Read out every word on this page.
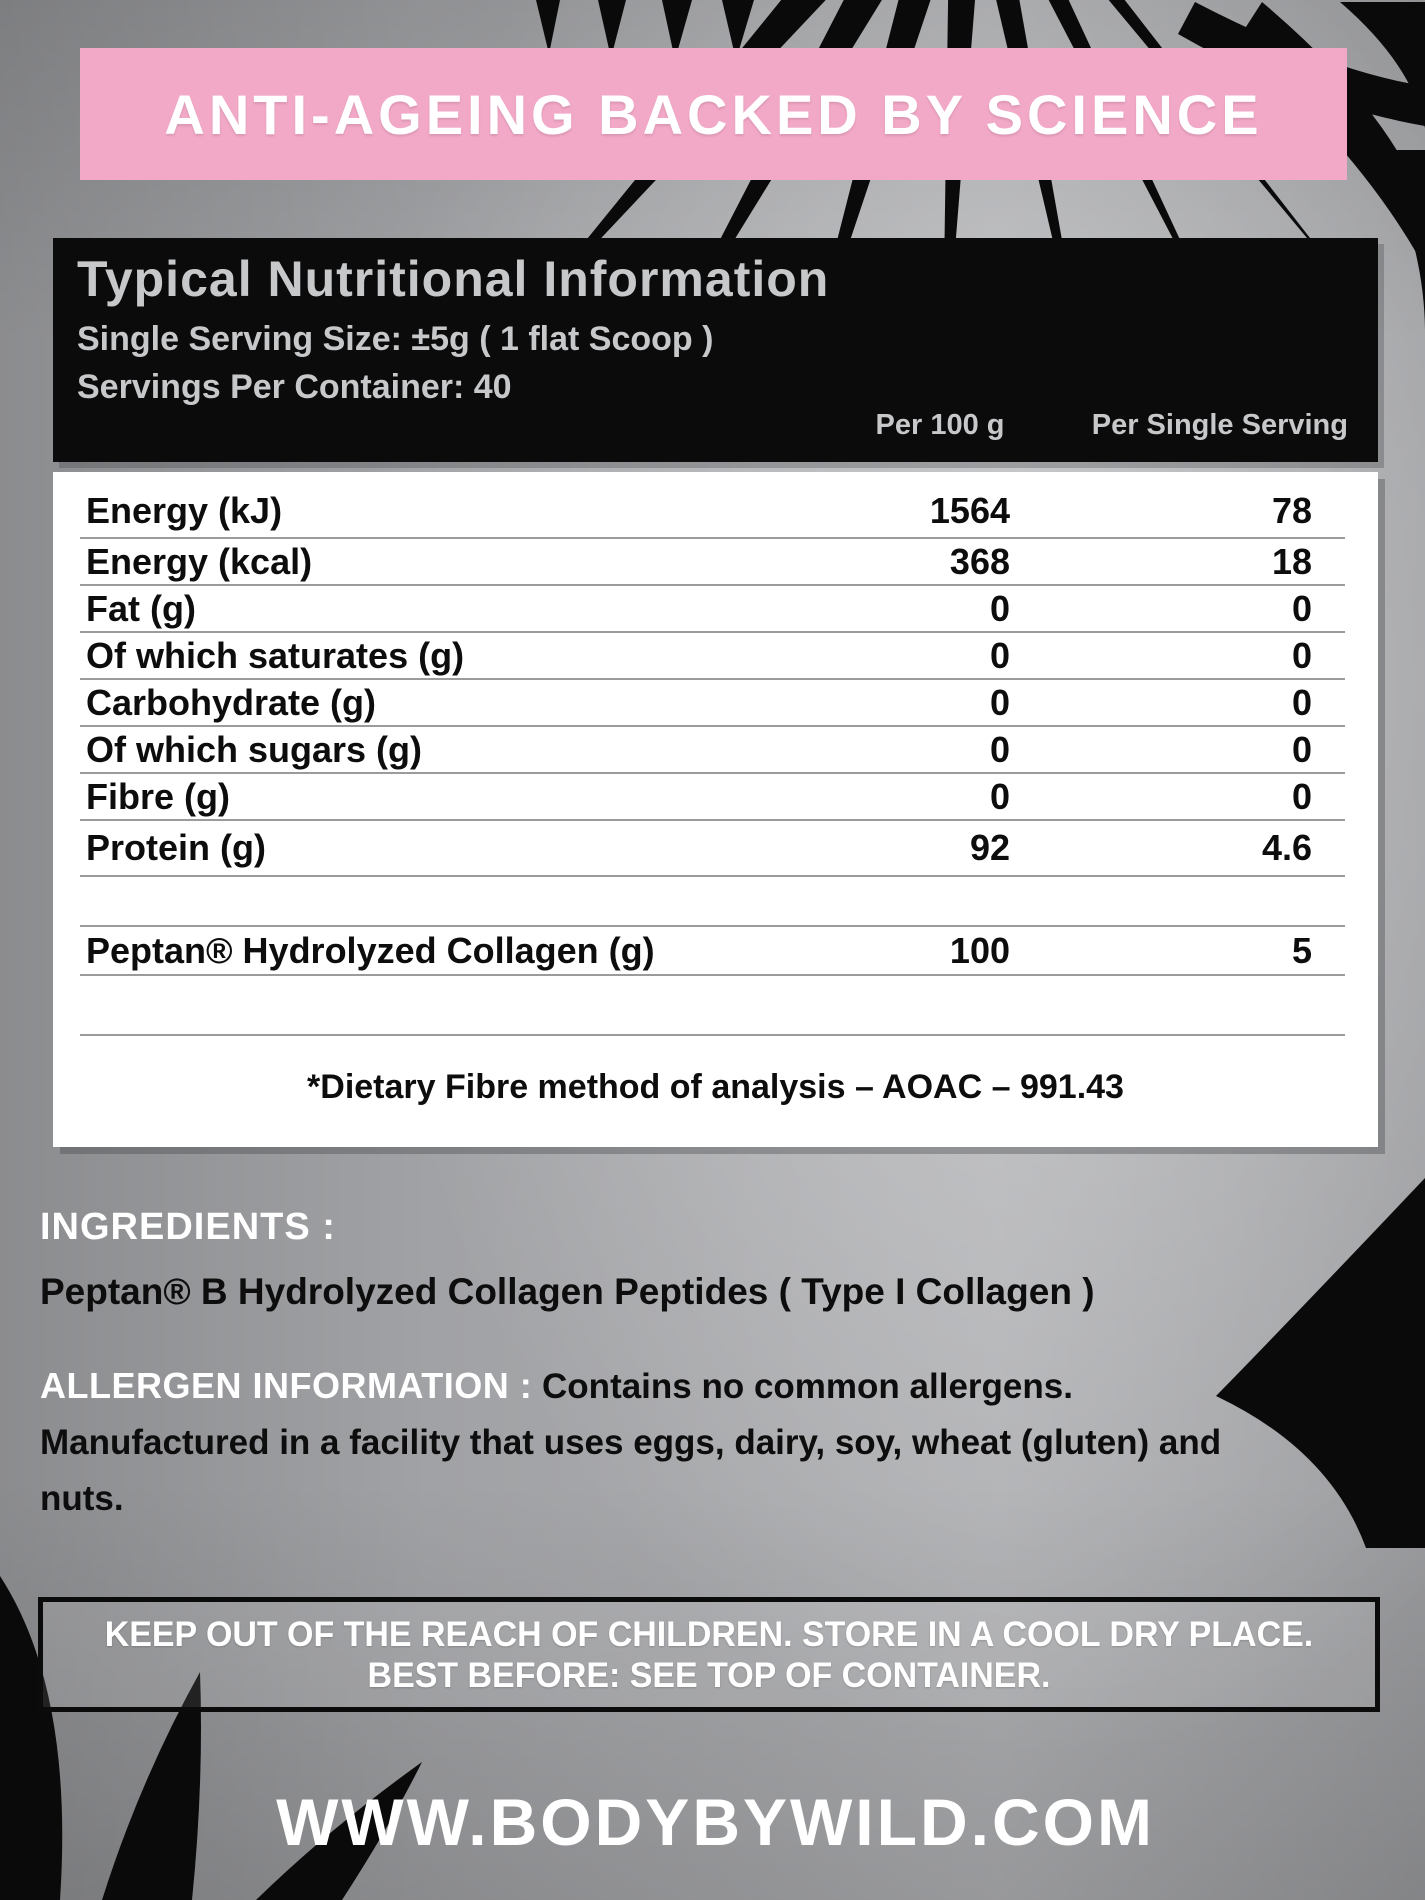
ANTI-AGEING BACKED BY SCIENCE
Typical Nutritional Information
Single Serving Size: ±5g ( 1 flat Scoop )
Servings Per Container: 40
Per 100 g	Per Single Serving
Energy (kJ)	1564	78
Energy (kcal)	368	18
Fat (g)	0	0
Of which saturates (g)	0	0
Carbohydrate (g)	0	0
Of which sugars (g)	0	0
Fibre (g)	0	0
Protein (g)	92	4.6
Peptan® Hydrolyzed Collagen (g)	100	5
*Dietary Fibre method of analysis – AOAC – 991.43
INGREDIENTS :
Peptan® B Hydrolyzed Collagen Peptides ( Type I Collagen )
ALLERGEN INFORMATION : Contains no common allergens. Manufactured in a facility that uses eggs, dairy, soy, wheat (gluten) and nuts.
KEEP OUT OF THE REACH OF CHILDREN. STORE IN A COOL DRY PLACE.
BEST BEFORE: SEE TOP OF CONTAINER.
WWW.BODYBYWILD.COM
